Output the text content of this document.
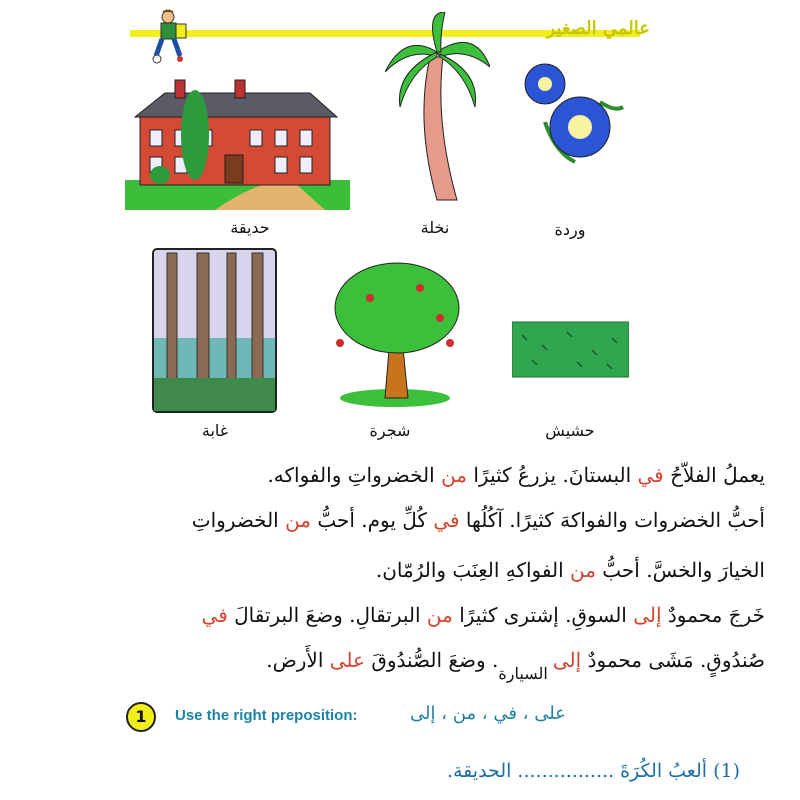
عالمي الصغير
حديقة	نخلة	وردة
غابة	شجرة	حشيش
يعملُ الفلاّحُ في البستانَ. يزرعُ كثيرًا من الخضرواتِ والفواكه.
أحبُّ الخضروات والفواكهَ كثيرًا. آكُلُها في كُلِّ يوم. أحبُّ من الخضرواتِ
الخيارَ والخسَّ. أحبُّ من الفواكهِ العِنَبَ والرُمّان.
خَرجَ محمودٌ إلى السوقِ. إشترى كثيرًا من البرتقالِ. وضعَ البرتقالَ في
صُندُوقٍ. مَشَى محمودٌ إلى $_{السيارة}$. وضعَ الصُّندُوقَ على الأَرض.
1	Use the right preposition:	على ، في ، من ، إلى
(1) ألعبُ الكُرَةَ ................ الحديقة.
